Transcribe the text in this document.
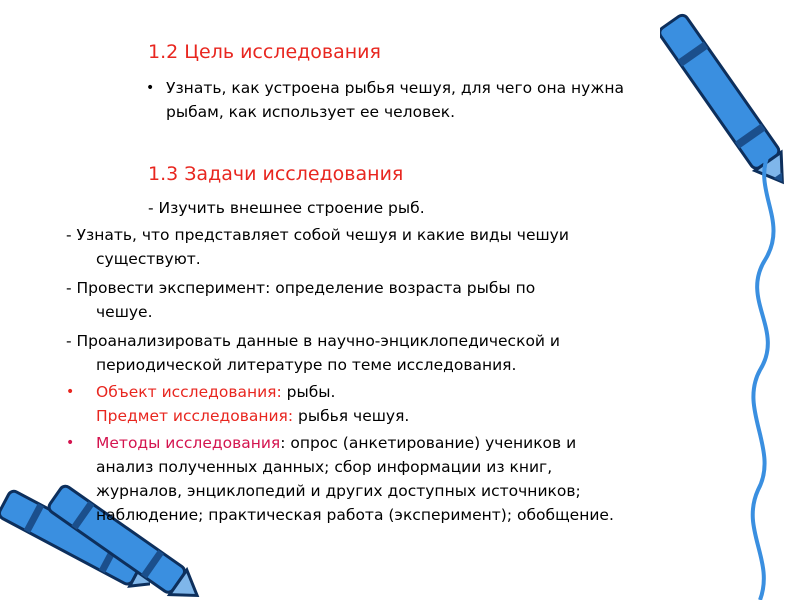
1.2 Цель исследования
• Узнать, как устроена рыбья чешуя, для чего она нужна
рыбам, как использует ее человек.
1.3 Задачи исследования
- Изучить внешнее строение рыб.
- Узнать, что представляет собой чешуя и какие виды чешуи
существуют.
- Провести эксперимент: определение возраста рыбы по
чешуе.
- Проанализировать данные в научно-энциклопедической и
периодической литературе по теме исследования.
• Объект исследования: рыбы.
Предмет исследования: рыбья чешуя.
• Методы исследования: опрос (анкетирование) учеников и
анализ полученных данных; сбор информации из книг,
журналов, энциклопедий и других доступных источников;
наблюдение; практическая работа (эксперимент); обобщение.
